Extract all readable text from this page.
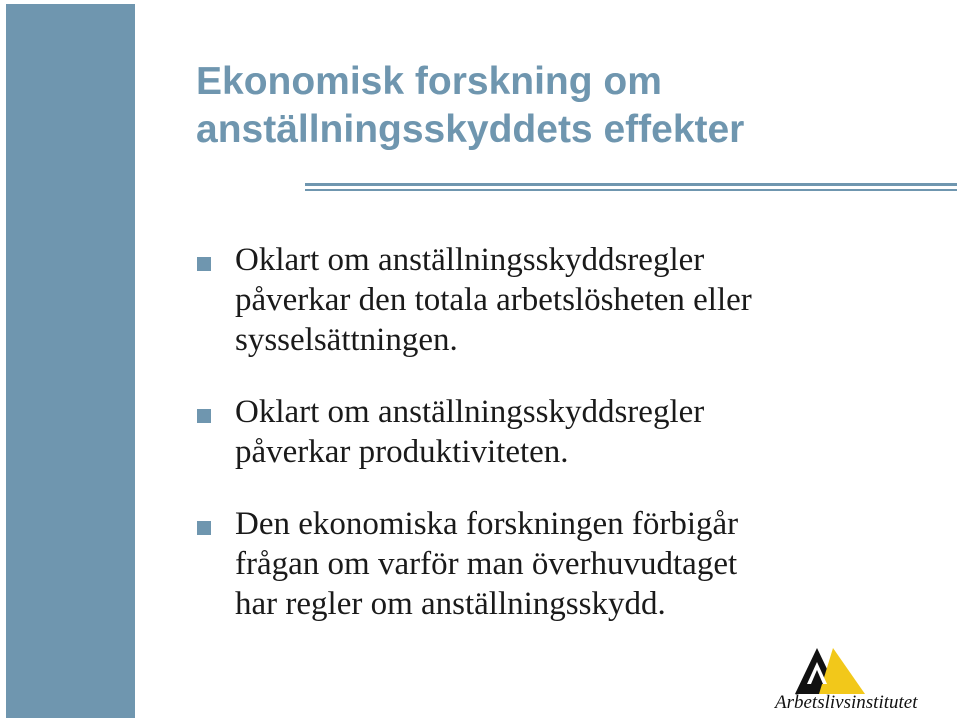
Ekonomisk forskning om
anställningsskyddets effekter
Oklart om anställningsskyddsregler
påverkar den totala arbetslösheten eller
sysselsättningen.
Oklart om anställningsskyddsregler
påverkar produktiviteten.
Den ekonomiska forskningen förbigår
frågan om varför man överhuvudtaget
har regler om anställningsskydd.
Arbetslivsinstitutet
